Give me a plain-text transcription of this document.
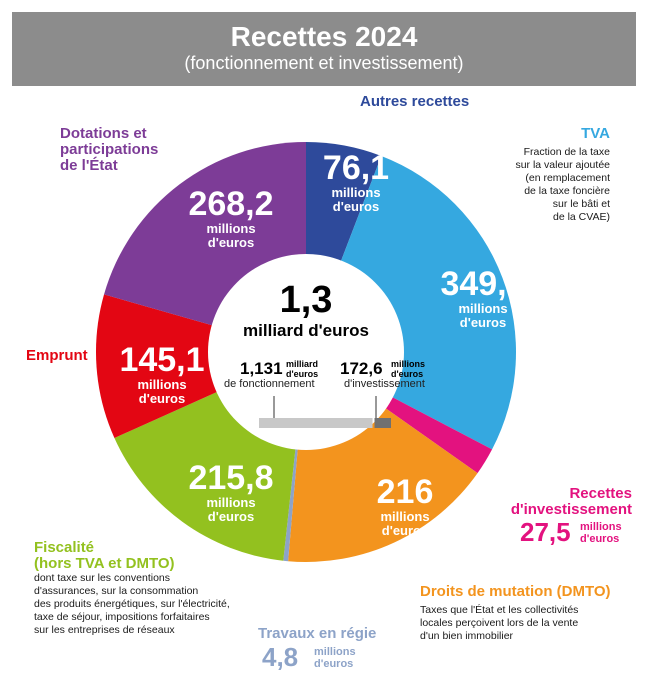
Recettes 2024
(fonctionnement et investissement)
1,3
milliard d'euros
1,131 milliard
d'euros
de fonctionnement
172,6 millions
d'euros
d'investissement
76,1
millions
d'euros
349,7
millions
d'euros
216
millions
d'euros
215,8
millions
d'euros
145,1
millions
d'euros
268,2
millions
d'euros
Autres recettes
TVA
Fraction de la taxe
sur la valeur ajoutée
(en remplacement
de la taxe foncière
sur le bâti et
de la CVAE)
Recettes
d'investissement
27,5 millions
d'euros
Droits de mutation (DMTO)
Taxes que l'État et les collectivités
locales perçoivent lors de la vente
d'un bien immobilier
Travaux en régie
4,8 millions
d'euros
Fiscalité
(hors TVA et DMTO)
dont taxe sur les conventions
d'assurances, sur la consommation
des produits énergétiques, sur l'électricité,
taxe de séjour, impositions forfaitaires
sur les entreprises de réseaux
Emprunt
Dotations et
participations
de l'État
